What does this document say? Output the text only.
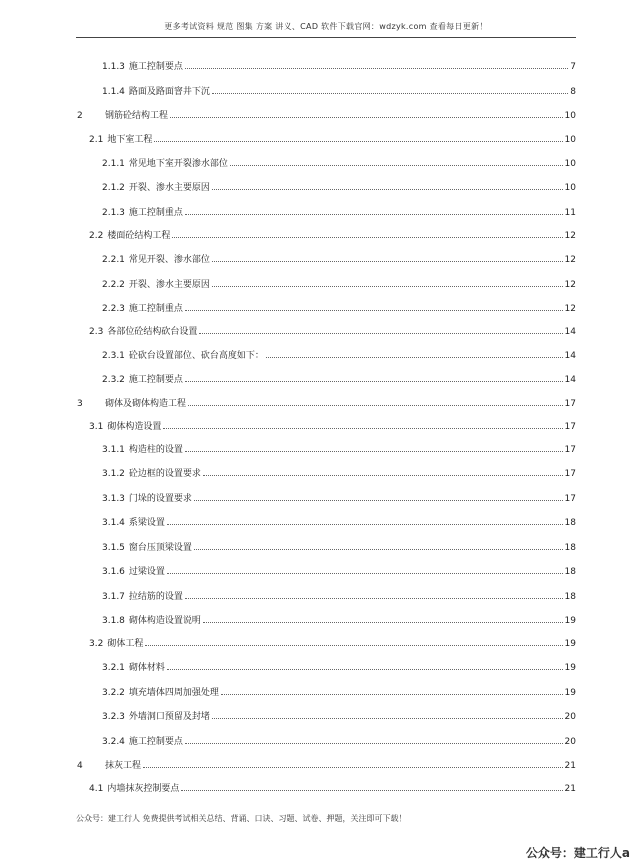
更多考试资料 规范 图集 方案 讲义、CAD 软件下载官网：wdzyk.com 查看每日更新！
1.1.3 施工控制要点	7
1.1.4 路面及路面窨井下沉	8
2 钢筋砼结构工程	10
2.1 地下室工程	10
2.1.1 常见地下室开裂渗水部位	10
2.1.2 开裂、渗水主要原因	10
2.1.3 施工控制重点	11
2.2 楼面砼结构工程	12
2.2.1 常见开裂、渗水部位	12
2.2.2 开裂、渗水主要原因	12
2.2.3 施工控制重点	12
2.3 各部位砼结构砍台设置	14
2.3.1 砼砍台设置部位、砍台高度如下：	14
2.3.2 施工控制要点	14
3 砌体及砌体构造工程	17
3.1 砌体构造设置	17
3.1.1 构造柱的设置	17
3.1.2 砼边框的设置要求	17
3.1.3 门垛的设置要求	17
3.1.4 系梁设置	18
3.1.5 窗台压顶梁设置	18
3.1.6 过梁设置	18
3.1.7 拉结筋的设置	18
3.1.8 砌体构造设置说明	19
3.2 砌体工程	19
3.2.1 砌体材料	19
3.2.2 填充墙体四周加强处理	19
3.2.3 外墙洞口预留及封堵	20
3.2.4 施工控制要点	20
4 抹灰工程	21
4.1 内墙抹灰控制要点	21
公众号：建工行人 免费提供考试相关总结、背诵、口诀、习题、试卷、押题，关注即可下载！
公众号：建工行人a
